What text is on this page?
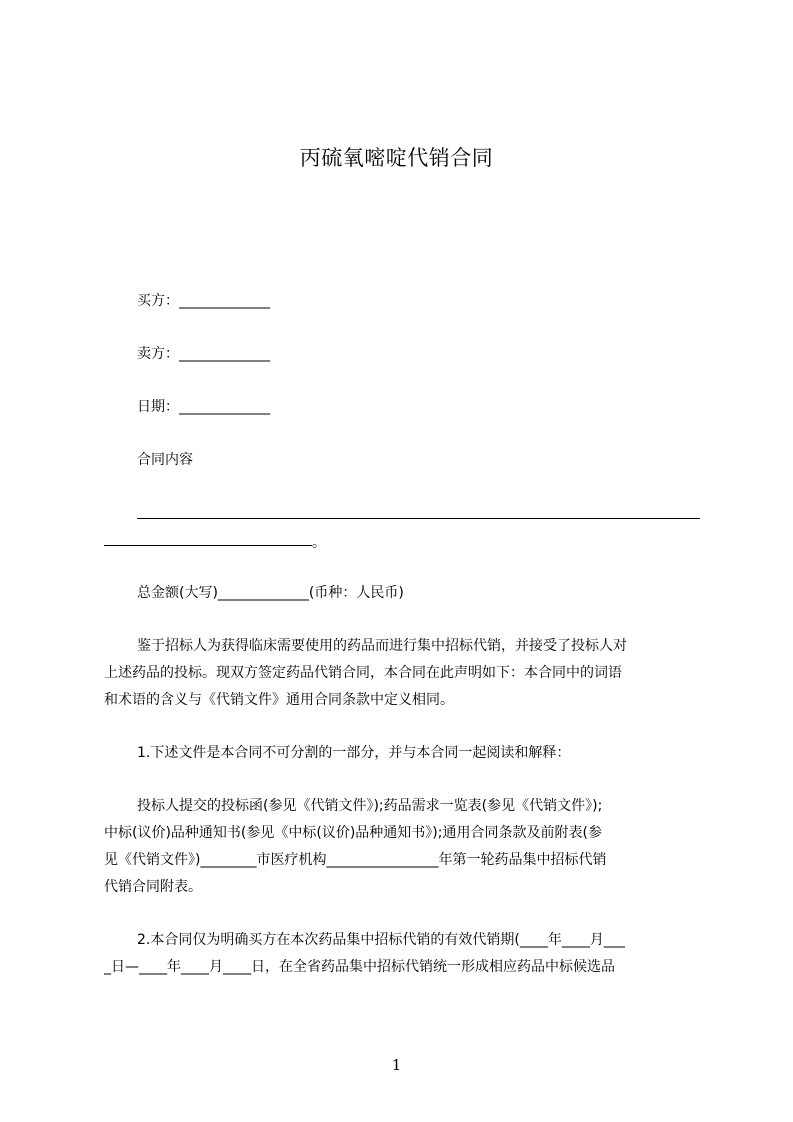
丙硫氧嘧啶代销合同
买方：_____________
卖方：_____________
日期：_____________
合同内容
。
总金额(大写)_____________(币种：人民币)
鉴于招标人为获得临床需要使用的药品而进行集中招标代销，并接受了投标人对
上述药品的投标。现双方签定药品代销合同，本合同在此声明如下：本合同中的词语
和术语的含义与《代销文件》通用合同条款中定义相同。
1.下述文件是本合同不可分割的一部分，并与本合同一起阅读和解释：
投标人提交的投标函(参见《代销文件》);药品需求一览表(参见《代销文件》);
中标(议价)品种通知书(参见《中标(议价)品种通知书》);通用合同条款及前附表(参
见《代销文件》)________市医疗机构________________年第一轮药品集中招标代销
代销合同附表。
2.本合同仅为明确买方在本次药品集中招标代销的有效代销期(____年____月___
_日—____年____月____日，在全省药品集中招标代销统一形成相应药品中标候选品
1
